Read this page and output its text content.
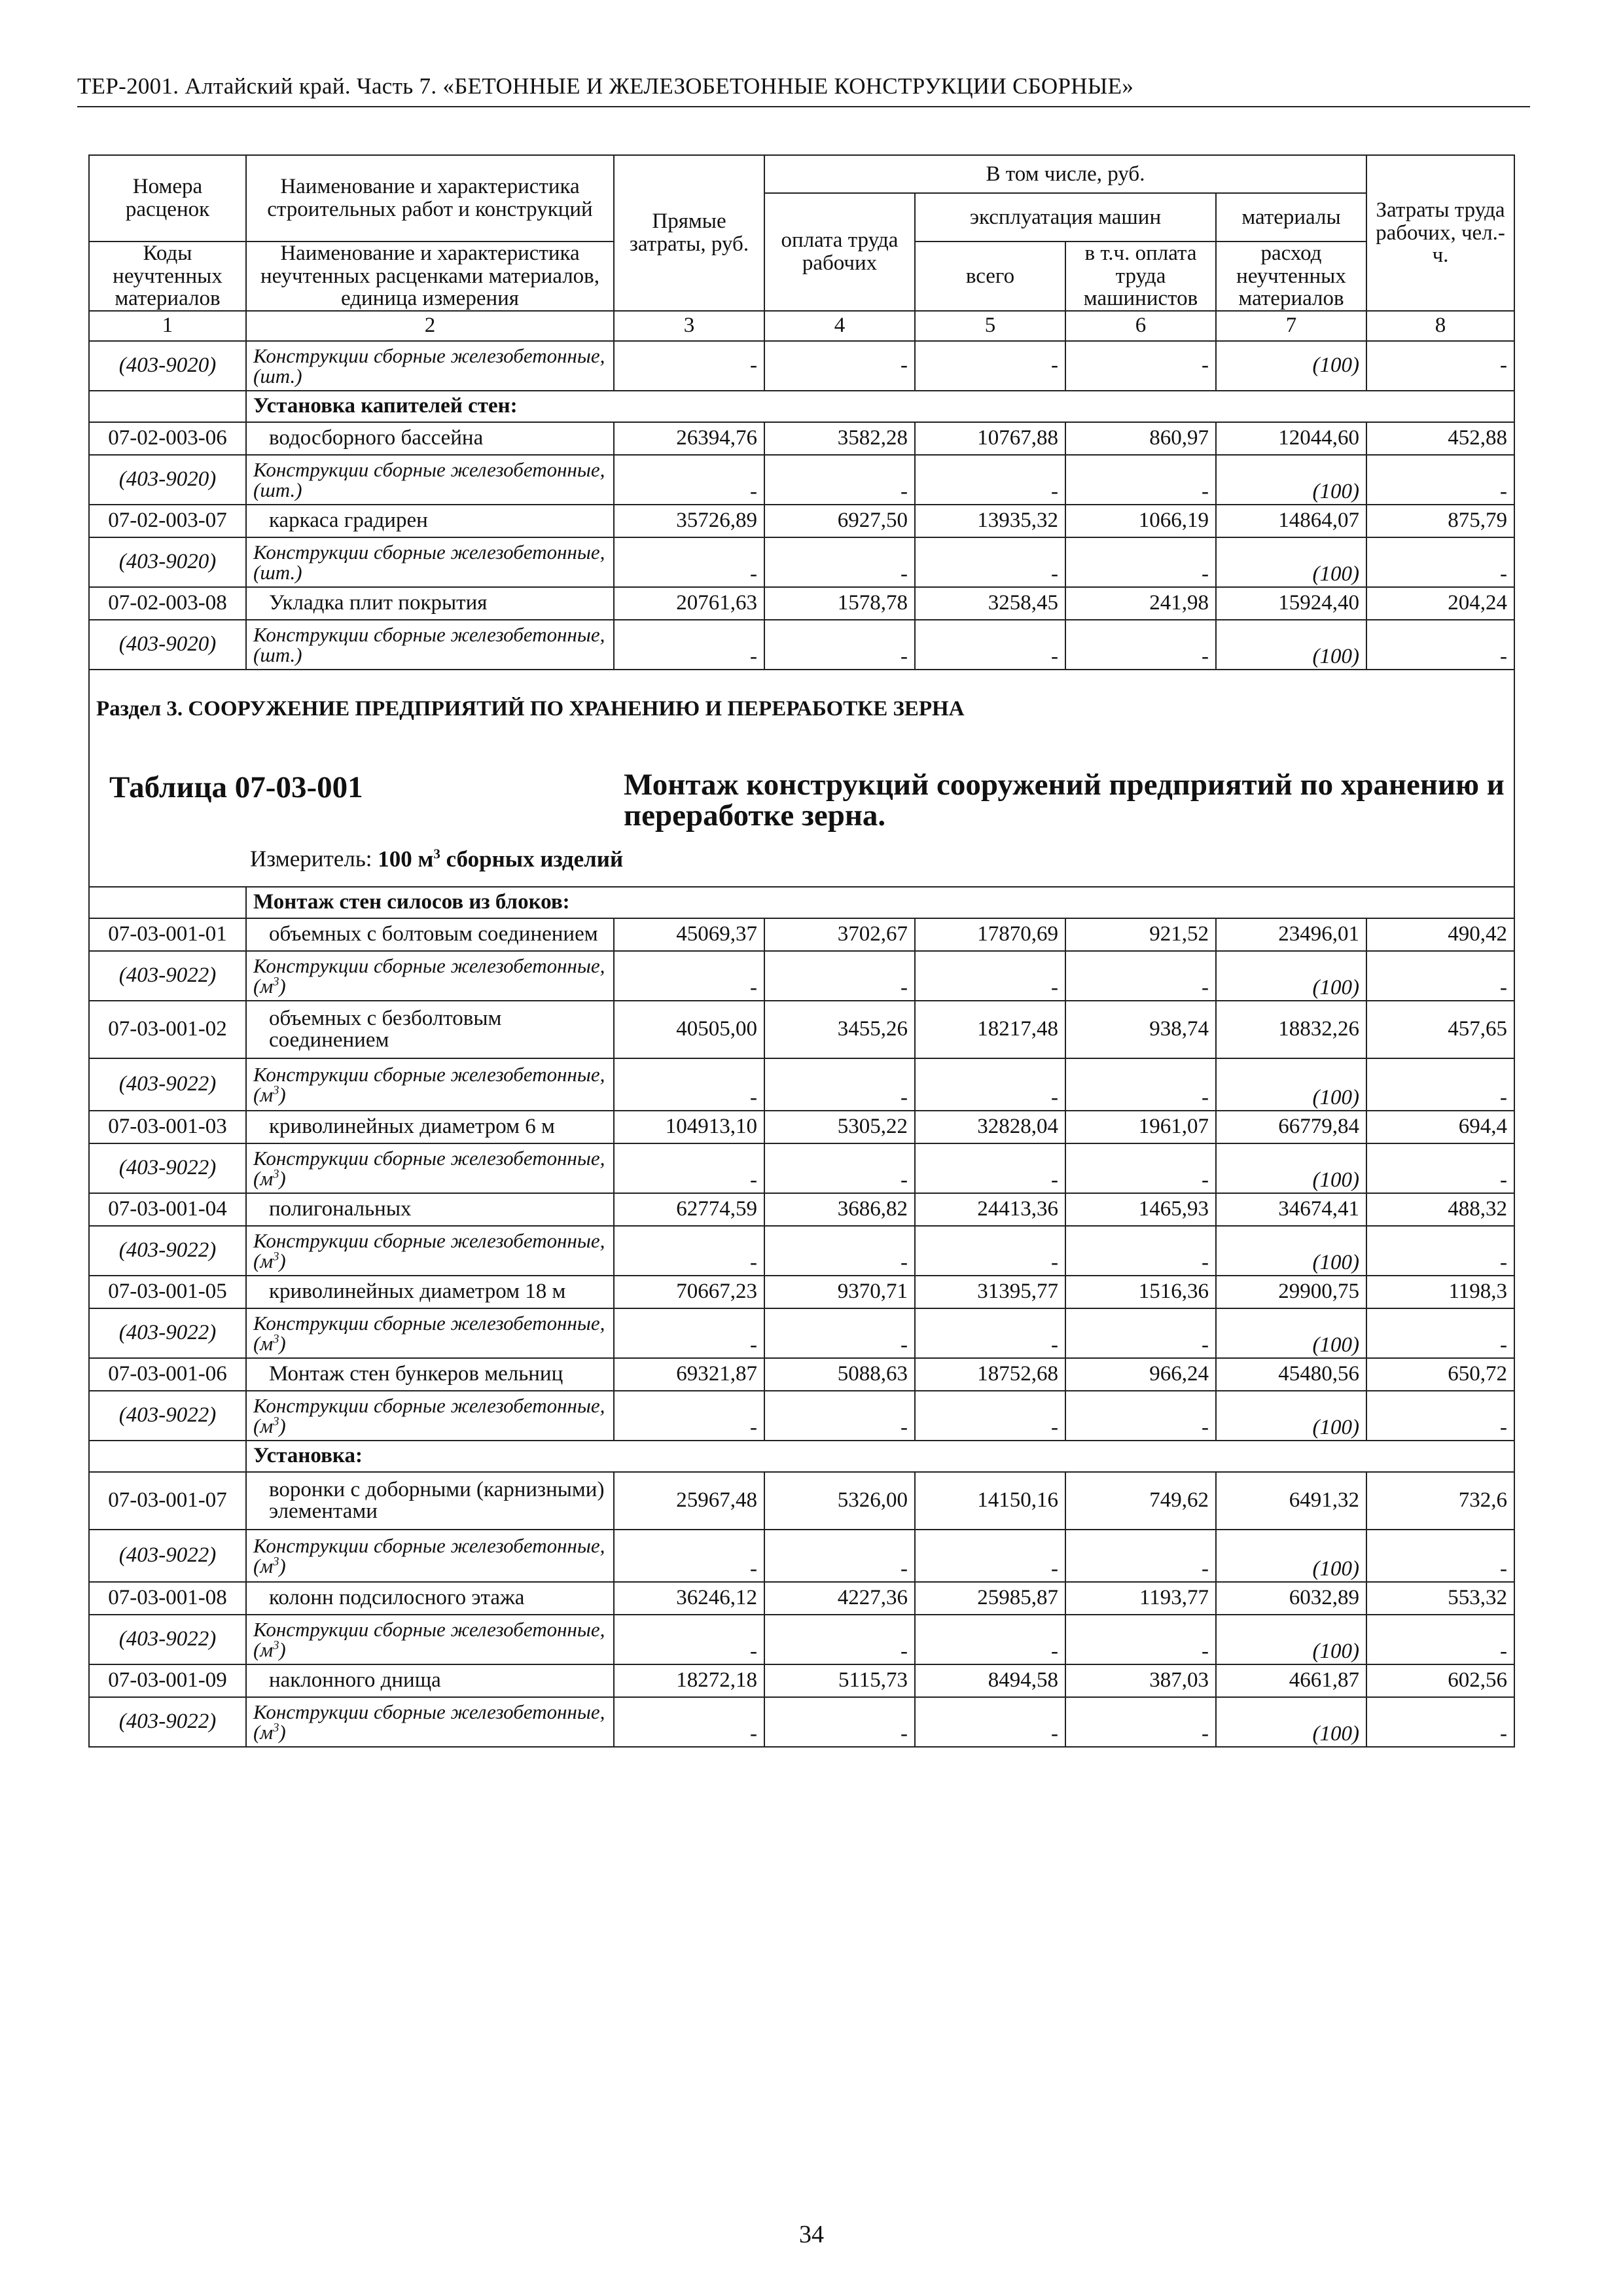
ТЕР-2001. Алтайский край. Часть 7. «БЕТОННЫЕ И ЖЕЛЕЗОБЕТОННЫЕ КОНСТРУКЦИИ СБОРНЫЕ»
Номера расценок	Наименование и характеристика строительных работ и конструкций	Прямые затраты, руб.	В том числе, руб.				Затраты труда рабочих, чел.-ч.
			оплата труда рабочих	эксплуатация машин		материалы	
Коды неучтенных материалов	Наименование и характеристика неучтенных расценками материалов, единица измерения			всего	в т.ч. оплата труда машинистов	расход неучтенных материалов	
1	2	3	4	5	6	7	8
(403-9020)	Конструкции сборные железобетонные, (шт.)	-	-	-	-	(100)	-
	Установка капителей стен:						
07-02-003-06	водосборного бассейна	26394,76	3582,28	10767,88	860,97	12044,60	452,88
(403-9020)	Конструкции сборные железобетонные, (шт.)	-	-	-	-	(100)	-
07-02-003-07	каркаса градирен	35726,89	6927,50	13935,32	1066,19	14864,07	875,79
(403-9020)	Конструкции сборные железобетонные, (шт.)	-	-	-	-	(100)	-
07-02-003-08	Укладка плит покрытия	20761,63	1578,78	3258,45	241,98	15924,40	204,24
(403-9020)	Конструкции сборные железобетонные, (шт.)	-	-	-	-	(100)	-
Раздел 3. СООРУЖЕНИЕ ПРЕДПРИЯТИЙ ПО ХРАНЕНИЮ И ПЕРЕРАБОТКЕ ЗЕРНА							

Таблица 07-03-001 Монтаж конструкций сооружений предприятий по хранению и переработке зерна.
Измеритель: 100 $м^3$ сборных изделий							

	Монтаж стен силосов из блоков:						
07-03-001-01	объемных с болтовым соединением	45069,37	3702,67	17870,69	921,52	23496,01	490,42
(403-9022)	Конструкции сборные железобетонные, $(м^3)$	-	-	-	-	(100)	-
07-03-001-02	объемных с безболтовым соединением	40505,00	3455,26	18217,48	938,74	18832,26	457,65
(403-9022)	Конструкции сборные железобетонные, $(м^3)$	-	-	-	-	(100)	-
07-03-001-03	криволинейных диаметром 6 м	104913,10	5305,22	32828,04	1961,07	66779,84	694,4
(403-9022)	Конструкции сборные железобетонные, $(м^3)$	-	-	-	-	(100)	-
07-03-001-04	полигональных	62774,59	3686,82	24413,36	1465,93	34674,41	488,32
(403-9022)	Конструкции сборные железобетонные, $(м^3)$	-	-	-	-	(100)	-
07-03-001-05	криволинейных диаметром 18 м	70667,23	9370,71	31395,77	1516,36	29900,75	1198,3
(403-9022)	Конструкции сборные железобетонные, $(м^3)$	-	-	-	-	(100)	-
07-03-001-06	Монтаж стен бункеров мельниц	69321,87	5088,63	18752,68	966,24	45480,56	650,72
(403-9022)	Конструкции сборные железобетонные, $(м^3)$	-	-	-	-	(100)	-
	Установка:						
07-03-001-07	воронки с доборными (карнизными) элементами	25967,48	5326,00	14150,16	749,62	6491,32	732,6
(403-9022)	Конструкции сборные железобетонные, $(м^3)$	-	-	-	-	(100)	-
07-03-001-08	колонн подсилосного этажа	36246,12	4227,36	25985,87	1193,77	6032,89	553,32
(403-9022)	Конструкции сборные железобетонные, $(м^3)$	-	-	-	-	(100)	-
07-03-001-09	наклонного днища	18272,18	5115,73	8494,58	387,03	4661,87	602,56
(403-9022)	Конструкции сборные железобетонные, $(м^3)$	-	-	-	-	(100)	-
34
